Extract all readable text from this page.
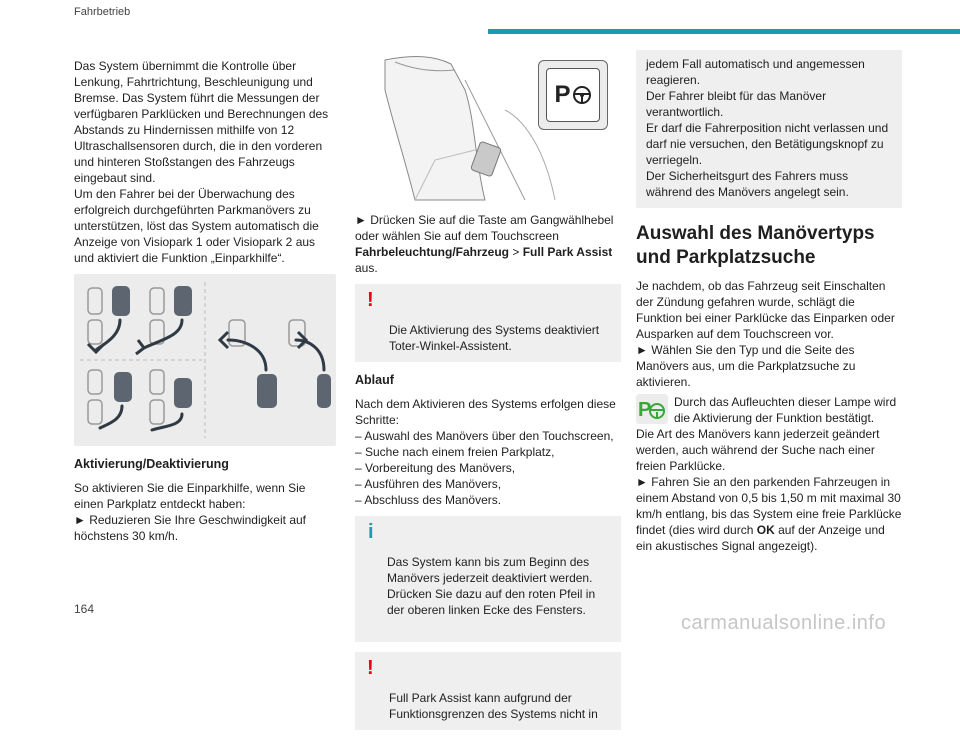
Fahrbetrieb

Das System übernimmt die Kontrolle über Lenkung, Fahrtrichtung, Beschleunigung und Bremse. Das System führt die Messungen der verfügbaren Parklücken und Berechnungen des Abstands zu Hindernissen mithilfe von 12 Ultraschallsensoren durch, die in den vorderen und hinteren Stoßstangen des Fahrzeugs eingebaut sind.
Um den Fahrer bei der Überwachung des erfolgreich durchgeführten Parkmanövers zu unterstützen, löst das System automatisch die Anzeige von Visiopark 1 oder Visiopark 2 aus und aktiviert die Funktion „Einparkhilfe“.

Aktivierung/Deaktivierung

So aktivieren Sie die Einparkhilfe, wenn Sie einen Parkplatz entdeckt haben:
► Reduzieren Sie Ihre Geschwindigkeit auf höchstens 30 km/h.

P

► Drücken Sie auf die Taste am Gangwählhebel oder wählen Sie auf dem Touchscreen Fahrbeleuchtung/Fahrzeug > Full Park Assist aus.

!

Die Aktivierung des Systems deaktiviert Toter-Winkel-Assistent.

Ablauf

Nach dem Aktivieren des Systems erfolgen diese Schritte:
– Auswahl des Manövers über den Touchscreen,
– Suche nach einem freien Parkplatz,
– Vorbereitung des Manövers,
– Ausführen des Manövers,
– Abschluss des Manövers.

i

Das System kann bis zum Beginn des Manövers jederzeit deaktiviert werden.
Drücken Sie dazu auf den roten Pfeil in der oberen linken Ecke des Fensters.

!

Full Park Assist kann aufgrund der Funktionsgrenzen des Systems nicht in

jedem Fall automatisch und angemessen reagieren.
Der Fahrer bleibt für das Manöver verantwortlich.
Er darf die Fahrerposition nicht verlassen und darf nie versuchen, den Betätigungsknopf zu verriegeln.
Der Sicherheitsgurt des Fahrers muss während des Manövers angelegt sein.
Auswahl des Manövertyps und Parkplatzsuche

Je nachdem, ob das Fahrzeug seit Einschalten der Zündung gefahren wurde, schlägt die Funktion bei einer Parklücke das Einparken oder Ausparken auf dem Touchscreen vor.
► Wählen Sie den Typ und die Seite des Manövers aus, um die Parkplatzsuche zu aktivieren.

P Durch das Aufleuchten dieser Lampe wird die Aktivierung der Funktion bestätigt.

Die Art des Manövers kann jederzeit geändert werden, auch während der Suche nach einer freien Parklücke.
► Fahren Sie an den parkenden Fahrzeugen in einem Abstand von 0,5 bis 1,50 m mit maximal 30 km/h entlang, bis das System eine freie Parklücke findet (dies wird durch OK auf der Anzeige und ein akustisches Signal angezeigt).

164
carmanualsonline.info
